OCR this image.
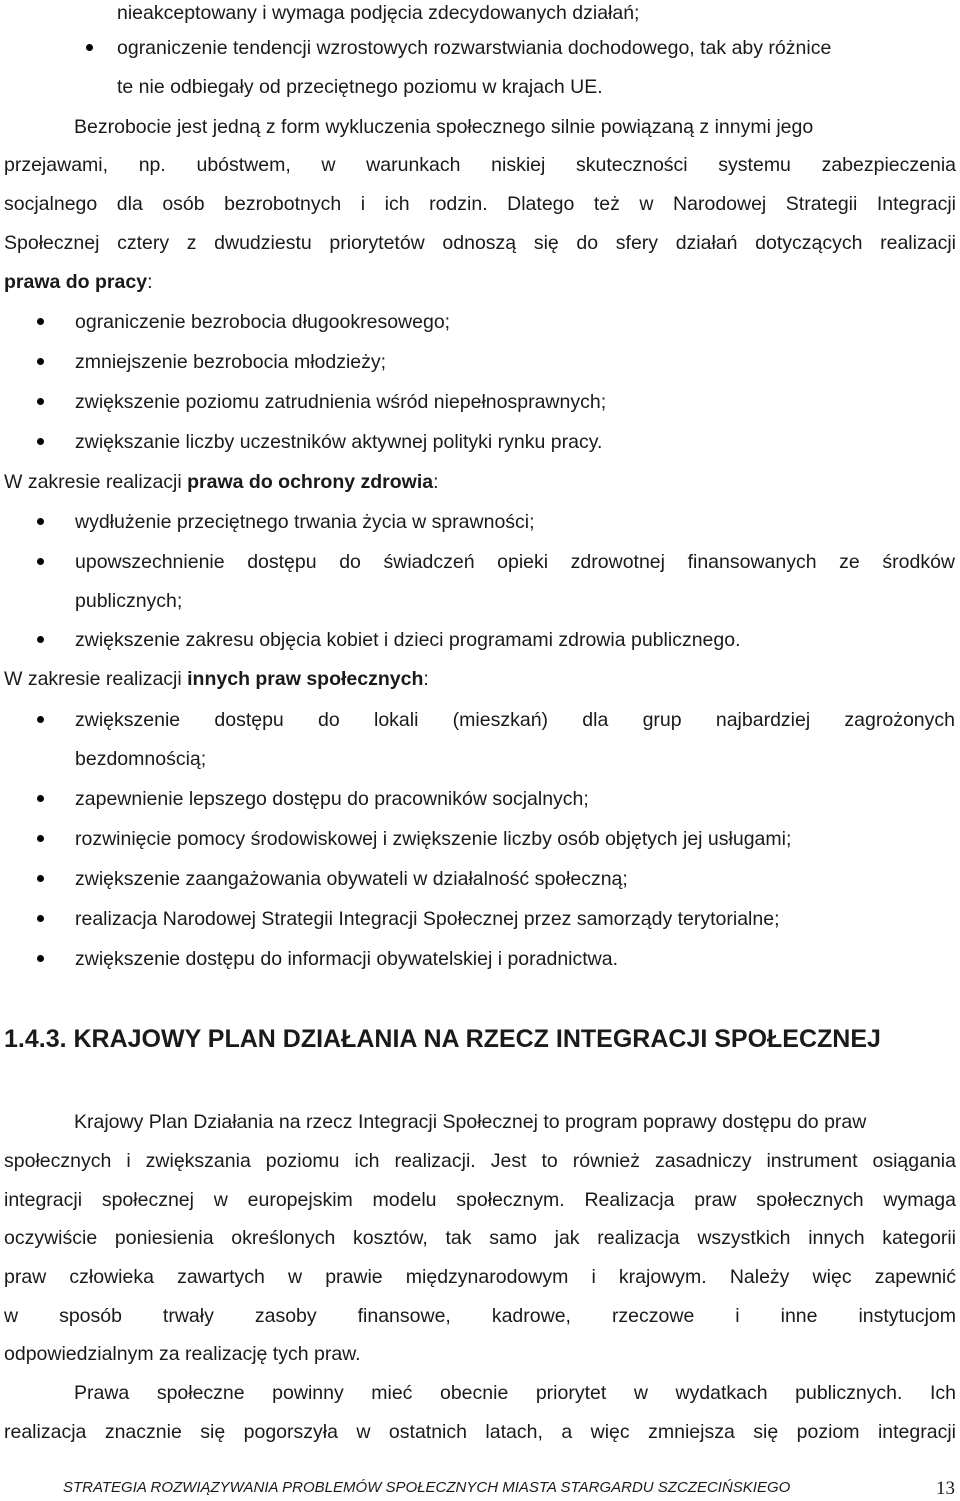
nieakceptowany i wymaga podjęcia zdecydowanych działań;
ograniczenie tendencji wzrostowych rozwarstwiania dochodowego, tak aby różnice
te nie odbiegały od przeciętnego poziomu w krajach UE.
Bezrobocie jest jedną z form wykluczenia społecznego silnie powiązaną z innymi jego
przejawami, np. ubóstwem, w warunkach niskiej skuteczności systemu zabezpieczenia
socjalnego dla osób bezrobotnych i ich rodzin. Dlatego też w Narodowej Strategii Integracji
Społecznej cztery z dwudziestu priorytetów odnoszą się do sfery działań dotyczących realizacji
prawa do pracy:
ograniczenie bezrobocia długookresowego;
zmniejszenie bezrobocia młodzieży;
zwiększenie poziomu zatrudnienia wśród niepełnosprawnych;
zwiększanie liczby uczestników aktywnej polityki rynku pracy.
W zakresie realizacji prawa do ochrony zdrowia:
wydłużenie przeciętnego trwania życia w sprawności;
upowszechnienie dostępu do świadczeń opieki zdrowotnej finansowanych ze środków
publicznych;
zwiększenie zakresu objęcia kobiet i dzieci programami zdrowia publicznego.
W zakresie realizacji innych praw społecznych:
zwiększenie dostępu do lokali (mieszkań) dla grup najbardziej zagrożonych
bezdomnością;
zapewnienie lepszego dostępu do pracowników socjalnych;
rozwinięcie pomocy środowiskowej i zwiększenie liczby osób objętych jej usługami;
zwiększenie zaangażowania obywateli w działalność społeczną;
realizacja Narodowej Strategii Integracji Społecznej przez samorządy terytorialne;
zwiększenie dostępu do informacji obywatelskiej i poradnictwa.
1.4.3. KRAJOWY PLAN DZIAŁANIA NA RZECZ INTEGRACJI SPOŁECZNEJ
Krajowy Plan Działania na rzecz Integracji Społecznej to program poprawy dostępu do praw
społecznych i zwiększania poziomu ich realizacji. Jest to również zasadniczy instrument osiągania
integracji społecznej w europejskim modelu społecznym. Realizacja praw społecznych wymaga
oczywiście poniesienia określonych kosztów, tak samo jak realizacja wszystkich innych kategorii
praw człowieka zawartych w prawie międzynarodowym i krajowym. Należy więc zapewnić
w sposób trwały zasoby finansowe, kadrowe, rzeczowe i inne instytucjom
odpowiedzialnym za realizację tych praw.
Prawa społeczne powinny mieć obecnie priorytet w wydatkach publicznych. Ich
realizacja znacznie się pogorszyła w ostatnich latach, a więc zmniejsza się poziom integracji
STRATEGIA ROZWIĄZYWANIA PROBLEMÓW SPOŁECZNYCH MIASTA STARGARDU SZCZECIŃSKIEGO	13
